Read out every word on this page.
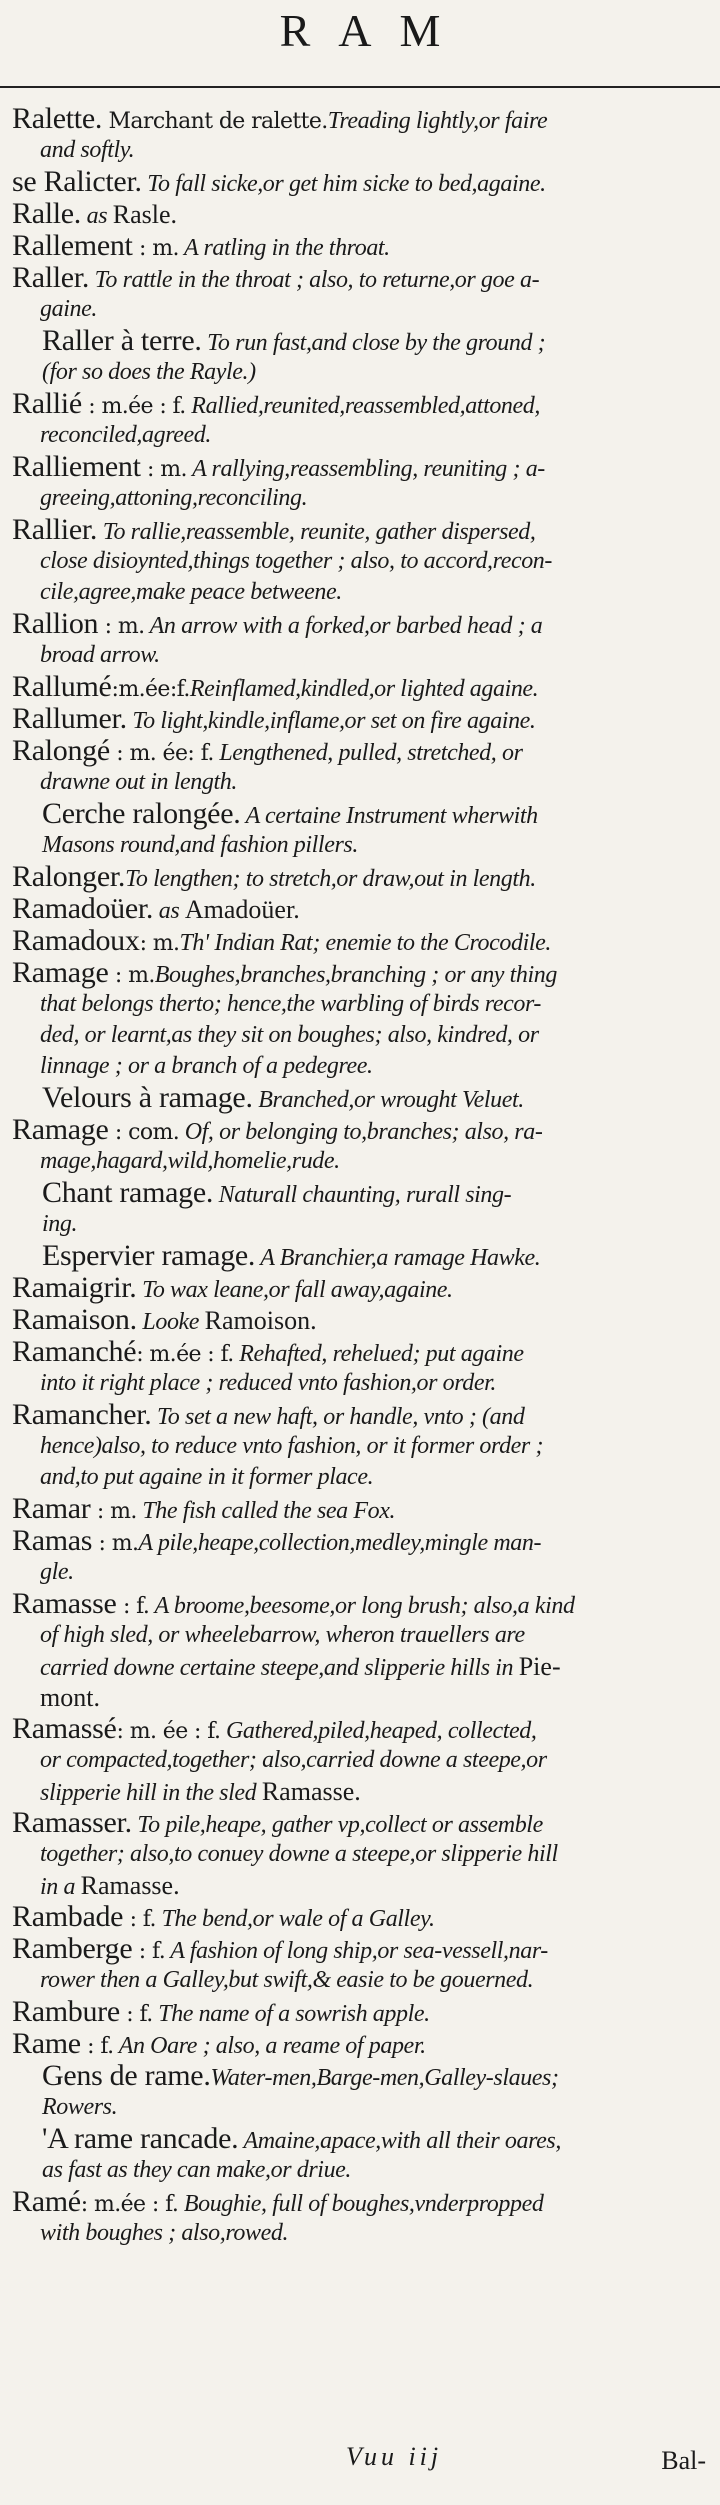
RAM
Ralette. Marchant de ralette.Treading lightly,or faire
and softly.
se Ralicter. To fall sicke,or get him sicke to bed,againe.
Ralle. as Rasle.
Rallement : m. A ratling in the throat.
Raller. To rattle in the throat ; also, to returne,or goe a-
gaine.
Raller à terre. To run fast,and close by the ground ;
(for so does the Rayle.)
Rallié : m.ée : f. Rallied,reunited,reassembled,attoned,
reconciled,agreed.
Ralliement : m. A rallying,reassembling, reuniting ; a-
greeing,attoning,reconciling.
Rallier. To rallie,reassemble, reunite, gather dispersed,
close disioynted,things together ; also, to accord,recon-
cile,agree,make peace betweene.
Rallion : m. An arrow with a forked,or barbed head ; a
broad arrow.
Rallumé:m.ée:f.Reinflamed,kindled,or lighted againe.
Rallumer. To light,kindle,inflame,or set on fire againe.
Ralongé : m. ée: f. Lengthened, pulled, stretched, or
drawne out in length.
Cerche ralongée. A certaine Instrument wherwith
Masons round,and fashion pillers.
Ralonger.To lengthen; to stretch,or draw,out in length.
Ramadoüer. as Amadoüer.
Ramadoux: m.Th' Indian Rat; enemie to the Crocodile.
Ramage : m.Boughes,branches,branching ; or any thing
that belongs therto; hence,the warbling of birds recor-
ded, or learnt,as they sit on boughes; also, kindred, or
linnage ; or a branch of a pedegree.
Velours à ramage. Branched,or wrought Veluet.
Ramage : com. Of, or belonging to,branches; also, ra-
mage,hagard,wild,homelie,rude.
Chant ramage. Naturall chaunting, rurall sing-
ing.
Espervier ramage. A Branchier,a ramage Hawke.
Ramaigrir. To wax leane,or fall away,againe.
Ramaison. Looke Ramoison.
Ramanché: m.ée : f. Rehafted, rehelued; put againe
into it right place ; reduced vnto fashion,or order.
Ramancher. To set a new haft, or handle, vnto ; (and
hence)also, to reduce vnto fashion, or it former order ;
and,to put againe in it former place.
Ramar : m. The fish called the sea Fox.
Ramas : m.A pile,heape,collection,medley,mingle man-
gle.
Ramasse : f. A broome,beesome,or long brush; also,a kind
of high sled, or wheelebarrow, wheron trauellers are
carried downe certaine steepe,and slipperie hills in Pie-
mont.
Ramassé: m. ée : f. Gathered,piled,heaped, collected,
or compacted,together; also,carried downe a steepe,or
slipperie hill in the sled Ramasse.
Ramasser. To pile,heape, gather vp,collect or assemble
together; also,to conuey downe a steepe,or slipperie hill
in a Ramasse.
Rambade : f. The bend,or wale of a Galley.
Ramberge : f. A fashion of long ship,or sea-vessell,nar-
rower then a Galley,but swift,& easie to be gouerned.
Rambure : f. The name of a sowrish apple.
Rame : f. An Oare ; also, a reame of paper.
Gens de rame.Water-men,Barge-men,Galley-slaues;
Rowers.
'A rame rancade. Amaine,apace,with all their oares,
as fast as they can make,or driue.
Ramé: m.ée : f. Boughie, full of boughes,vnderpropped
with boughes ; also,rowed.
Vuu iij	Bal-
